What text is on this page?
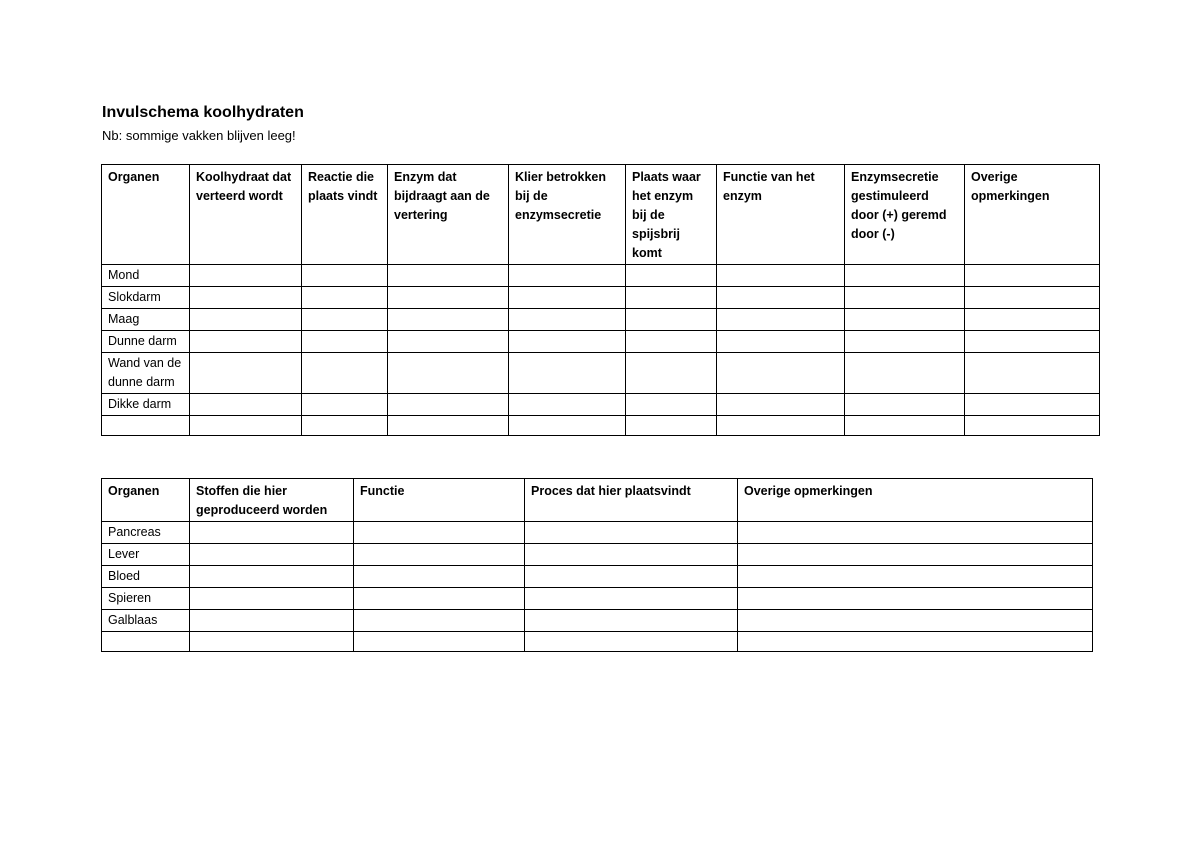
Invulschema koolhydraten
Nb: sommige vakken blijven leeg!
Organen	Koolhydraat dat verteerd wordt	Reactie die plaats vindt	Enzym dat bijdraagt aan de vertering	Klier betrokken bij de enzymsecretie	Plaats waar het enzym bij de spijsbrij komt	Functie van het enzym	Enzymsecretie gestimuleerd door (+) geremd door (-)	Overige opmerkingen
Mond								
Slokdarm								
Maag								
Dunne darm								
Wand van de dunne darm								
Dikke darm								

Organen	Stoffen die hier geproduceerd worden	Functie	Proces dat hier plaatsvindt	Overige opmerkingen
Pancreas				
Lever				
Bloed				
Spieren				
Galblaas				
